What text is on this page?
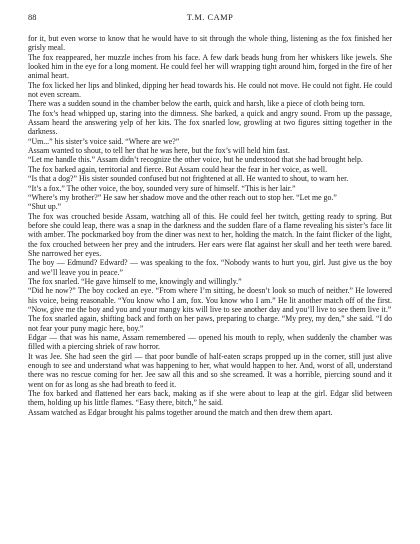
88	T.M. CAMP

for it, but even worse to know that he would have to sit through the whole thing, listening as the fox finished her grisly meal.

The fox reappeared, her muzzle inches from his face. A few dark beads hung from her whiskers like jewels. She looked him in the eye for a long moment. He could feel her will wrapping tight around him, forged in the fire of her animal heart.

The fox licked her lips and blinked, dipping her head towards his. He could not move. He could not fight. He could not even scream.

There was a sudden sound in the chamber below the earth, quick and harsh, like a piece of cloth being torn.

The fox’s head whipped up, staring into the dimness. She barked, a quick and angry sound. From up the passage, Assam heard the answering yelp of her kits. The fox snarled low, growling at two figures sitting together in the darkness.

“Um...” his sister’s voice said. “Where are we?”

Assam wanted to shout, to tell her that he was here, but the fox’s will held him fast.

“Let me handle this.” Assam didn’t recognize the other voice, but he understood that she had brought help.

The fox barked again, territorial and fierce. But Assam could hear the fear in her voice, as well.

“Is that a dog?” His sister sounded confused but not frightened at all. He wanted to shout, to warn her.

“It’s a fox.” The other voice, the boy, sounded very sure of himself. “This is her lair.”

“Where’s my brother?” He saw her shadow move and the other reach out to stop her. “Let me go.”

“Shut up.”

The fox was crouched beside Assam, watching all of this. He could feel her twitch, getting ready to spring. But before she could leap, there was a snap in the darkness and the sudden flare of a flame revealing his sister’s face lit with amber. The pockmarked boy from the diner was next to her, holding the match. In the faint flicker of the light, the fox crouched between her prey and the intruders. Her ears were flat against her skull and her teeth were bared. She narrowed her eyes.

The boy — Edmund? Edward? — was speaking to the fox. “Nobody wants to hurt you, girl. Just give us the boy and we’ll leave you in peace.”

The fox snarled. “He gave himself to me, knowingly and willingly.”

“Did he now?” The boy cocked an eye. “From where I’m sitting, he doesn’t look so much of neither.” He lowered his voice, being reasonable. “You know who I am, fox. You know who I am.” He lit another match off of the first. “Now, give me the boy and you and your mangy kits will live to see another day and you’ll live to see them live it.”

The fox snarled again, shifting back and forth on her paws, preparing to charge. “My prey, my den,” she said. “I do not fear your puny magic here, boy.”

Edgar — that was his name, Assam remembered — opened his mouth to reply, when suddenly the chamber was filled with a piercing shriek of raw horror.

It was Jee. She had seen the girl — that poor bundle of half-eaten scraps propped up in the corner, still just alive enough to see and understand what was happening to her, what would happen to her. And, worst of all, understand there was no rescue coming for her. Jee saw all this and so she screamed. It was a horrible, piercing sound and it went on for as long as she had breath to feed it.

The fox barked and flattened her ears back, making as if she were about to leap at the girl. Edgar slid between them, holding up his little flames. “Easy there, bitch,” he said.

Assam watched as Edgar brought his palms together around the match and then drew them apart.
